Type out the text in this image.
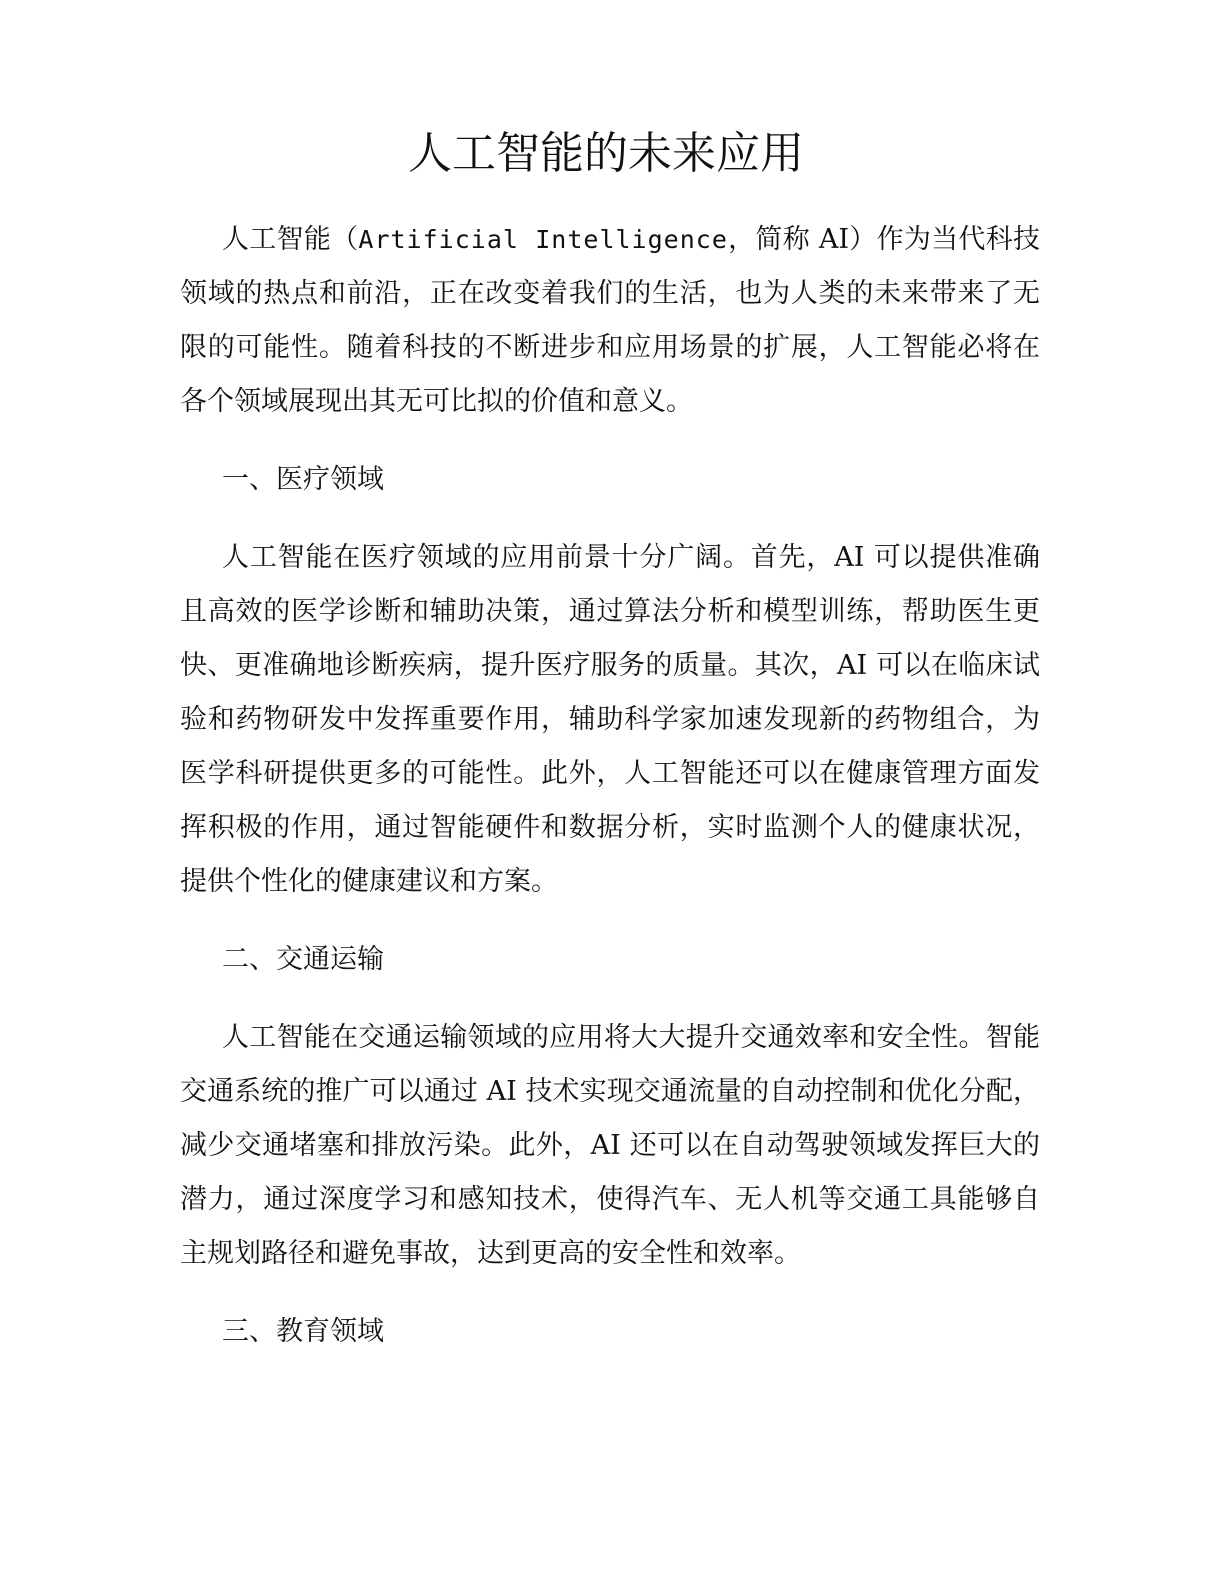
人工智能的未来应用

人工智能（Artificial Intelligence，简称 AI）作为当代科技领域的热点和前沿，正在改变着我们的生活，也为人类的未来带来了无限的可能性。随着科技的不断进步和应用场景的扩展，人工智能必将在各个领域展现出其无可比拟的价值和意义。

一、医疗领域

人工智能在医疗领域的应用前景十分广阔。首先，AI 可以提供准确且高效的医学诊断和辅助决策，通过算法分析和模型训练，帮助医生更快、更准确地诊断疾病，提升医疗服务的质量。其次，AI 可以在临床试验和药物研发中发挥重要作用，辅助科学家加速发现新的药物组合，为医学科研提供更多的可能性。此外，人工智能还可以在健康管理方面发挥积极的作用，通过智能硬件和数据分析，实时监测个人的健康状况，提供个性化的健康建议和方案。

二、交通运输

人工智能在交通运输领域的应用将大大提升交通效率和安全性。智能交通系统的推广可以通过 AI 技术实现交通流量的自动控制和优化分配，减少交通堵塞和排放污染。此外，AI 还可以在自动驾驶领域发挥巨大的潜力，通过深度学习和感知技术，使得汽车、无人机等交通工具能够自主规划路径和避免事故，达到更高的安全性和效率。

三、教育领域
